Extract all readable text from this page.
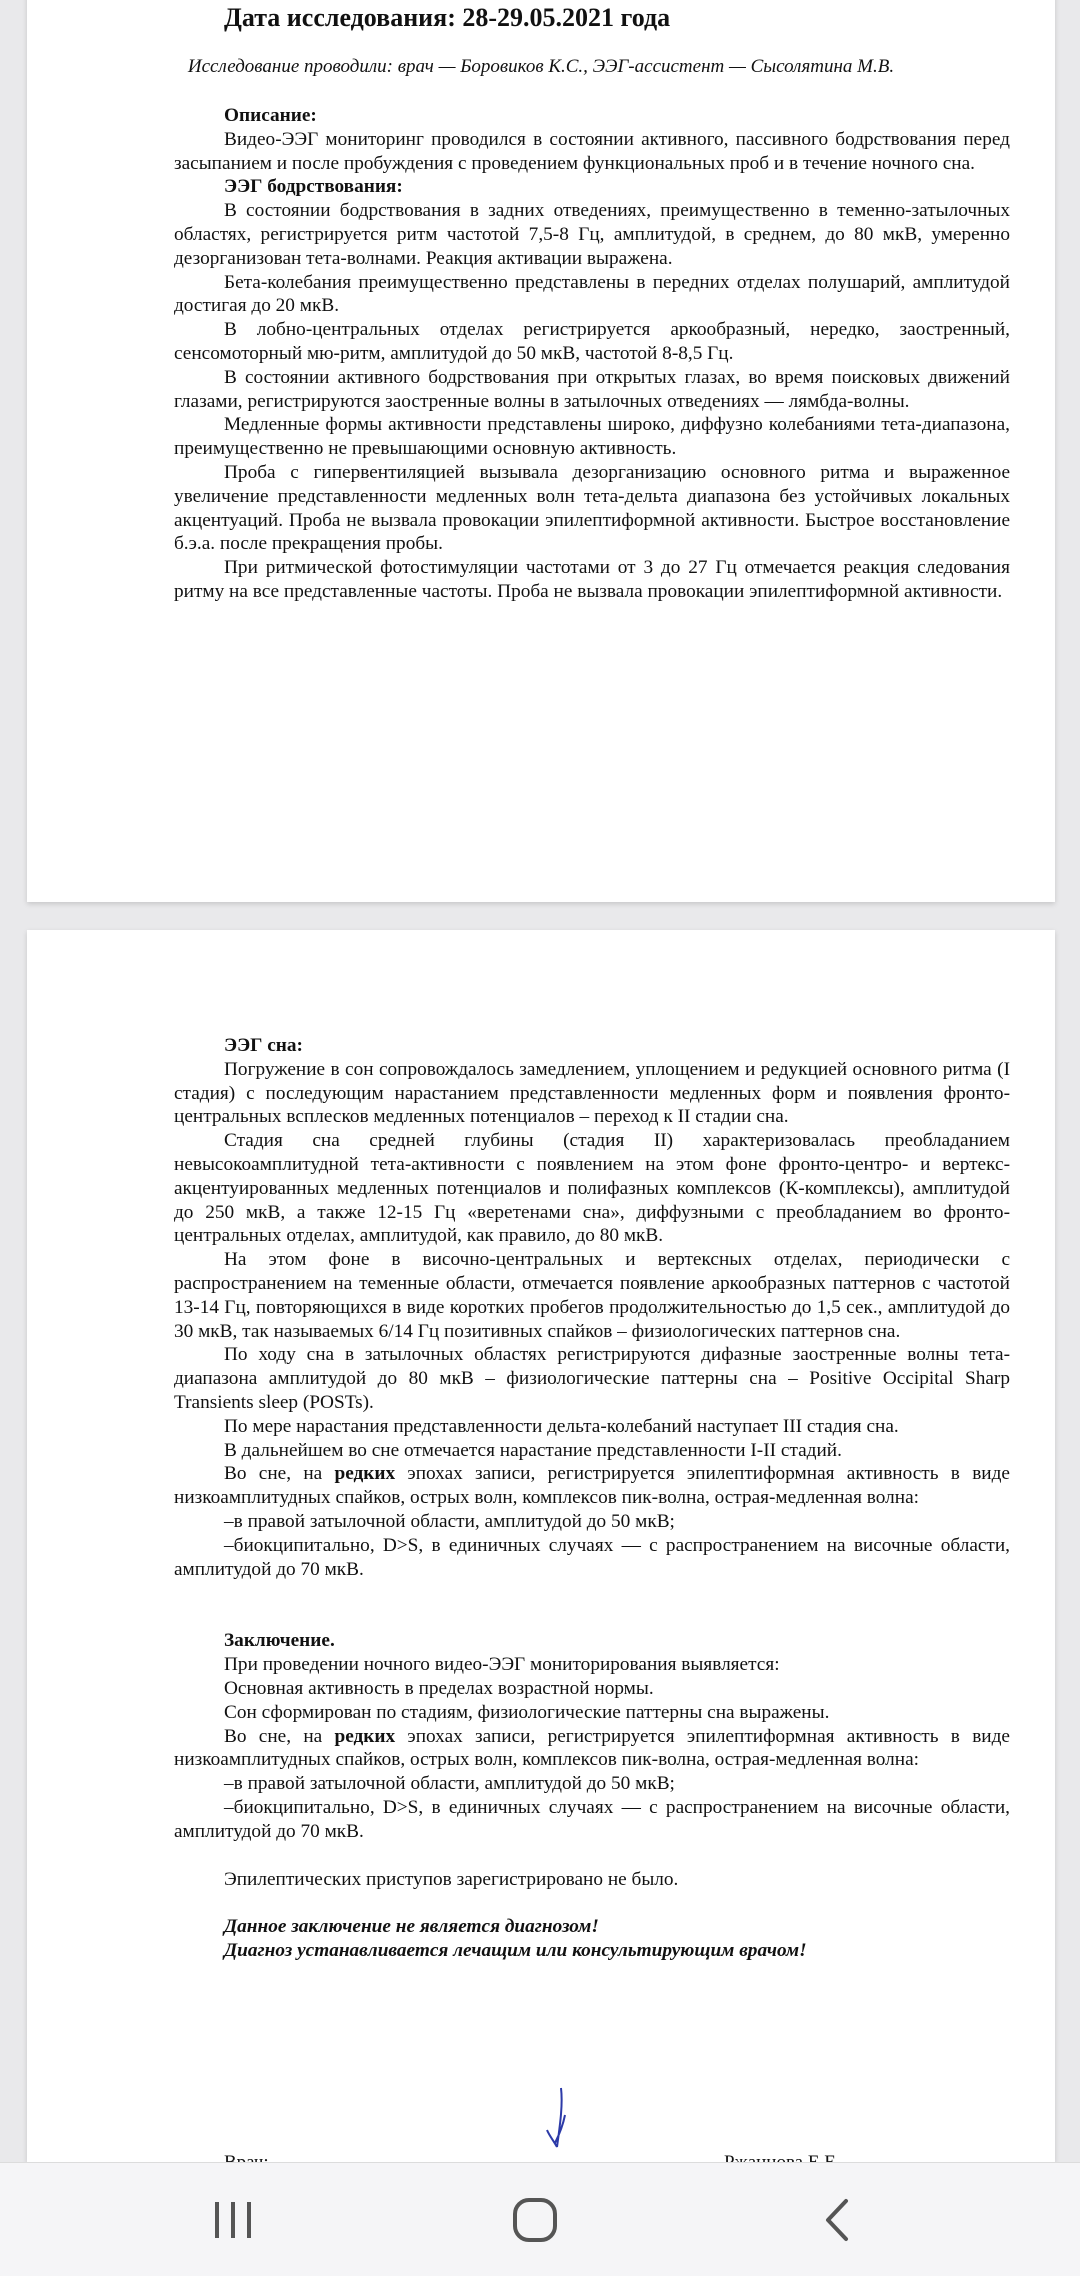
Дата исследования: 28-29.05.2021 года

Исследование проводили: врач — Боровиков К.С., ЭЭГ-ассистент — Сысолятина М.В.

Описание:

Видео-ЭЭГ мониторинг проводился в состоянии активного, пассивного бодрствования перед засыпанием и после пробуждения с проведением функциональных проб и в течение ночного сна.

ЭЭГ бодрствования:

В состоянии бодрствования в задних отведениях, преимущественно в теменно-затылочных областях, регистрируется ритм частотой 7,5-8 Гц, амплитудой, в среднем, до 80 мкВ, умеренно дезорганизован тета-волнами. Реакция активации выражена.

Бета-колебания преимущественно представлены в передних отделах полушарий, амплитудой достигая до 20 мкВ.

В лобно-центральных отделах регистрируется аркообразный, нередко, заостренный, сенсомоторный мю-ритм, амплитудой до 50 мкВ, частотой 8-8,5 Гц.

В состоянии активного бодрствования при открытых глазах, во время поисковых движений глазами, регистрируются заостренные волны в затылочных отведениях — лямбда-волны.

Медленные формы активности представлены широко, диффузно колебаниями тета-диапазона, преимущественно не превышающими основную активность.

Проба с гипервентиляцией вызывала дезорганизацию основного ритма и выраженное увеличение представленности медленных волн тета-дельта диапазона без устойчивых локальных акцентуаций. Проба не вызвала провокации эпилептиформной активности. Быстрое восстановление б.э.а. после прекращения пробы.

При ритмической фотостимуляции частотами от 3 до 27 Гц отмечается реакция следования ритму на все представленные частоты. Проба не вызвала провокации эпилептиформной активности.

ЭЭГ сна:

Погружение в сон сопровождалось замедлением, уплощением и редукцией основного ритма (I стадия) с последующим нарастанием представленности медленных форм и появления фронто-центральных всплесков медленных потенциалов – переход к II стадии сна.

Стадия сна средней глубины (стадия II) характеризовалась преобладанием невысокоамплитудной тета-активности с появлением на этом фоне фронто-центро- и вертекс-акцентуированных медленных потенциалов и полифазных комплексов (К-комплексы), амплитудой до 250 мкВ, а также 12-15 Гц «веретенами сна», диффузными с преобладанием во фронто-центральных отделах, амплитудой, как правило, до 80 мкВ.

На этом фоне в височно-центральных и вертексных отделах, периодически с распространением на теменные области, отмечается появление аркообразных паттернов с частотой 13-14 Гц, повторяющихся в виде коротких пробегов продолжительностью до 1,5 сек., амплитудой до 30 мкВ, так называемых 6/14 Гц позитивных спайков – физиологических паттернов сна.

По ходу сна в затылочных областях регистрируются дифазные заостренные волны тета-диапазона амплитудой до 80 мкВ – физиологические паттерны сна – Positive Occipital Sharp Transients sleep (POSTs).

По мере нарастания представленности дельта-колебаний наступает III стадия сна.

В дальнейшем во сне отмечается нарастание представленности I-II стадий.

Во сне, на редких эпохах записи, регистрируется эпилептиформная активность в виде низкоамплитудных спайков, острых волн, комплексов пик-волна, острая-медленная волна:

–в правой затылочной области, амплитудой до 50 мкВ;

–биокципитально, D>S, в единичных случаях — с распространением на височные области, амплитудой до 70 мкВ.

Заключение.

При проведении ночного видео-ЭЭГ мониторирования выявляется:

Основная активность в пределах возрастной нормы.

Сон сформирован по стадиям, физиологические паттерны сна выражены.

Во сне, на редких эпохах записи, регистрируется эпилептиформная активность в виде низкоамплитудных спайков, острых волн, комплексов пик-волна, острая-медленная волна:

–в правой затылочной области, амплитудой до 50 мкВ;

–биокципитально, D>S, в единичных случаях — с распространением на височные области, амплитудой до 70 мкВ.

Эпилептических приступов зарегистрировано не было.

Данное заключение не является диагнозом!

Диагноз устанавливается лечащим или консультирующим врачом!
